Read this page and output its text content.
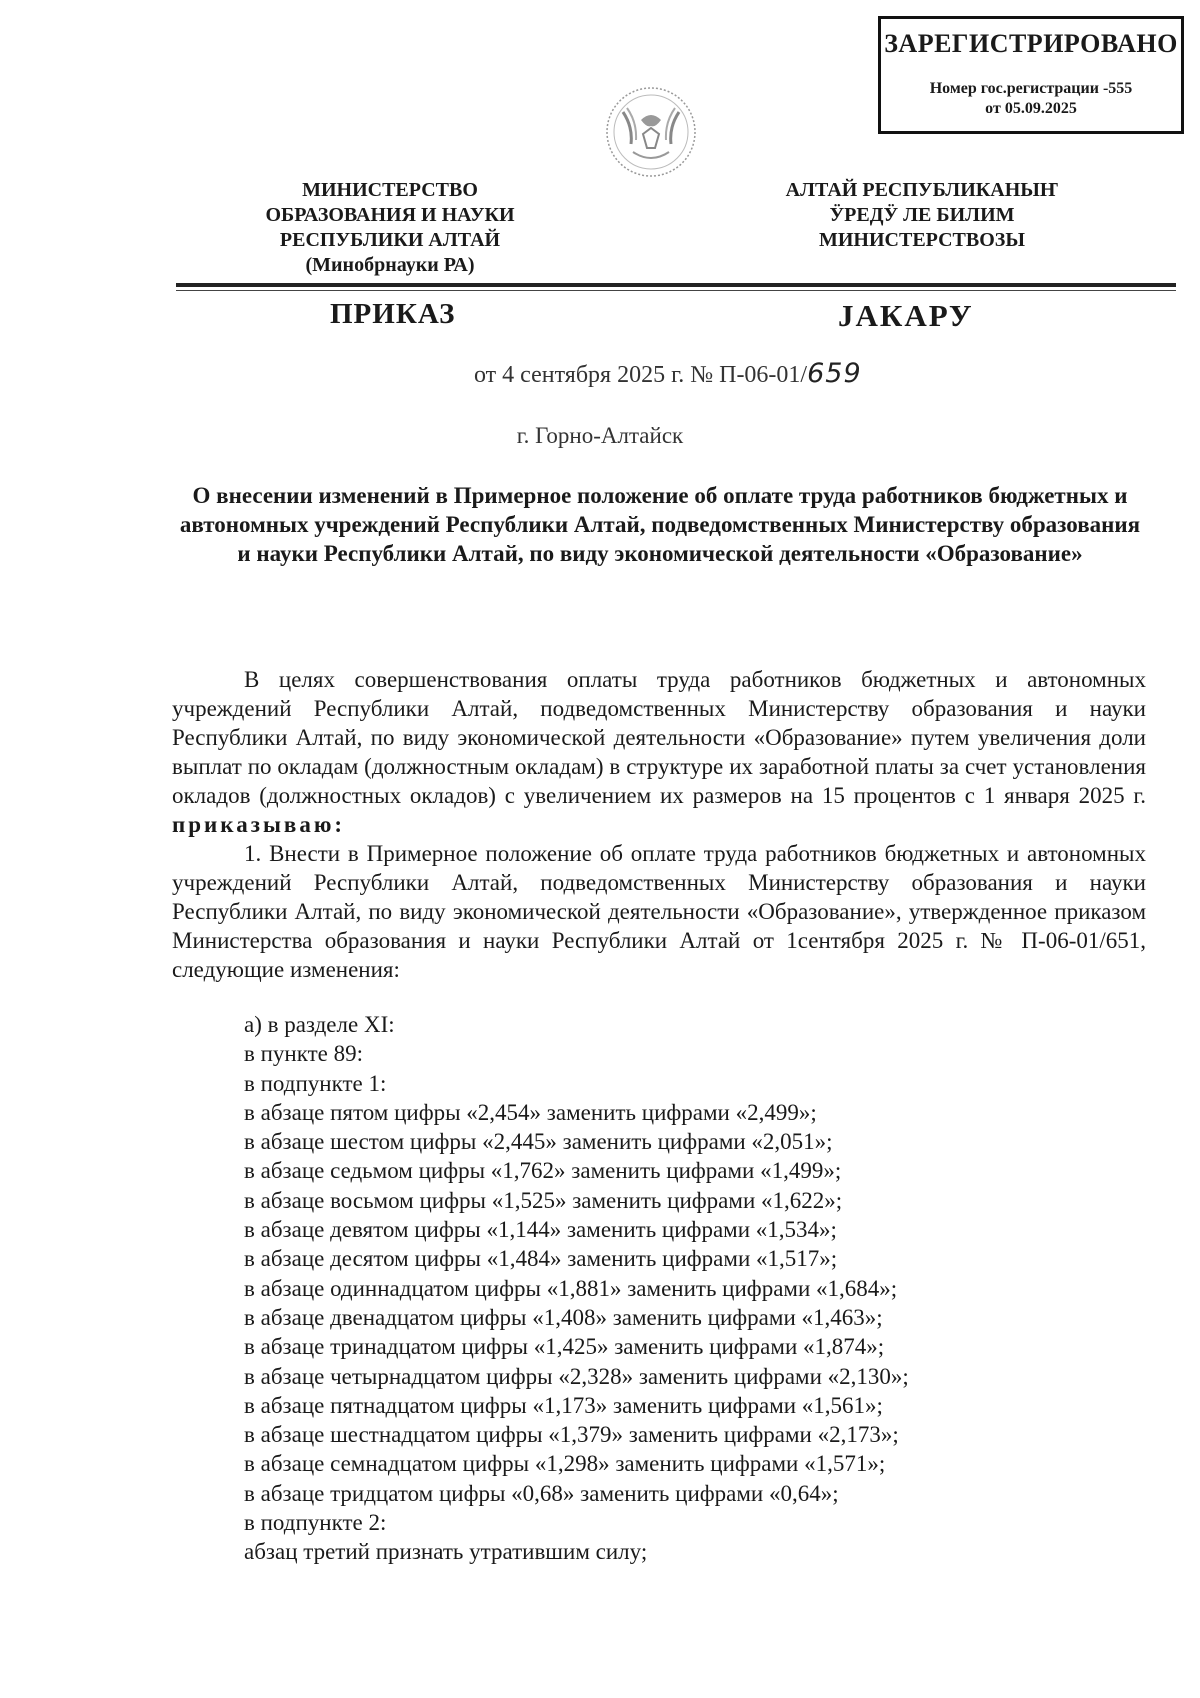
ЗАРЕГИСТРИРОВАНО
Номер гос.регистрации -555
от 05.09.2025
МИНИСТЕРСТВО
ОБРАЗОВАНИЯ И НАУКИ
РЕСПУБЛИКИ АЛТАЙ
(Минобрнауки РА)
АЛТАЙ РЕСПУБЛИКАНЫҤ
ӰРЕДӰ ЛЕ БИЛИМ
МИНИСТЕРСТВОЗЫ
ПРИКАЗ	ЈАКАРУ
от 4 сентября 2025 г. № П-06-01/659
г. Горно-Алтайск
О внесении изменений в Примерное положение об оплате труда работников бюджетных и автономных учреждений Республики Алтай, подведомственных Министерству образования и науки Республики Алтай, по виду экономической деятельности «Образование»

В целях совершенствования оплаты труда работников бюджетных и автономных учреждений Республики Алтай, подведомственных Министерству образования и науки Республики Алтай, по виду экономической деятельности «Образование» путем увеличения доли выплат по окладам (должностным окладам) в структуре их заработной платы за счет установления окладов (должностных окладов) с увеличением их размеров на 15 процентов с 1 января 2025 г. приказываю:

1. Внести в Примерное положение об оплате труда работников бюджетных и автономных учреждений Республики Алтай, подведомственных Министерству образования и науки Республики Алтай, по виду экономической деятельности «Образование», утвержденное приказом Министерства образования и науки Республики Алтай от 1сентября 2025 г. № П-06-01/651, следующие изменения:

а) в разделе XI:
в пункте 89:
в подпункте 1:
в абзаце пятом цифры «2,454» заменить цифрами «2,499»;
в абзаце шестом цифры «2,445» заменить цифрами «2,051»;
в абзаце седьмом цифры «1,762» заменить цифрами «1,499»;
в абзаце восьмом цифры «1,525» заменить цифрами «1,622»;
в абзаце девятом цифры «1,144» заменить цифрами «1,534»;
в абзаце десятом цифры «1,484» заменить цифрами «1,517»;
в абзаце одиннадцатом цифры «1,881» заменить цифрами «1,684»;
в абзаце двенадцатом цифры «1,408» заменить цифрами «1,463»;
в абзаце тринадцатом цифры «1,425» заменить цифрами «1,874»;
в абзаце четырнадцатом цифры «2,328» заменить цифрами «2,130»;
в абзаце пятнадцатом цифры «1,173» заменить цифрами «1,561»;
в абзаце шестнадцатом цифры «1,379» заменить цифрами «2,173»;
в абзаце семнадцатом цифры «1,298» заменить цифрами «1,571»;
в абзаце тридцатом цифры «0,68» заменить цифрами «0,64»;
в подпункте 2:
абзац третий признать утратившим силу;
